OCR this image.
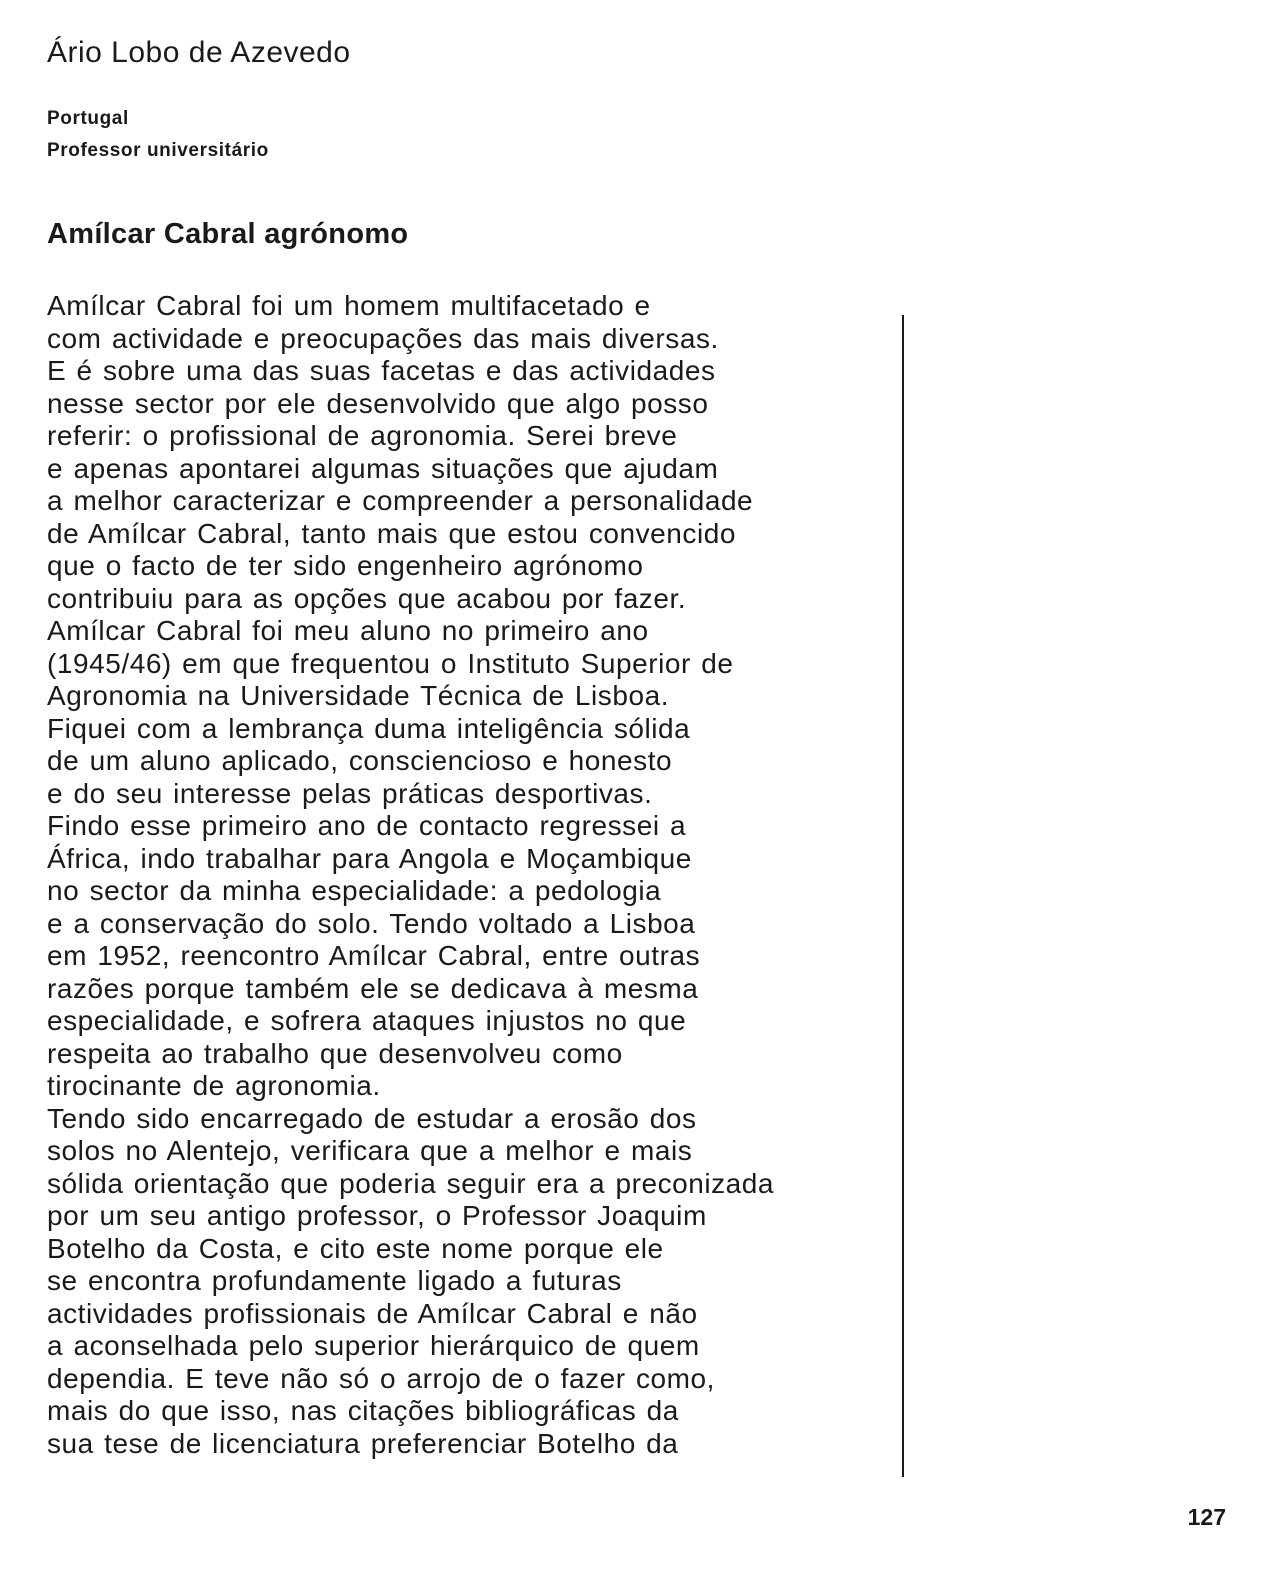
Ário Lobo de Azevedo
Portugal
Professor universitário
Amílcar Cabral agrónomo
Amílcar Cabral foi um homem multifacetado e
com actividade e preocupações das mais diversas.
E é sobre uma das suas facetas e das actividades
nesse sector por ele desenvolvido que algo posso
referir: o profissional de agronomia. Serei breve
e apenas apontarei algumas situações que ajudam
a melhor caracterizar e compreender a personalidade
de Amílcar Cabral, tanto mais que estou convencido
que o facto de ter sido engenheiro agrónomo
contribuiu para as opções que acabou por fazer.
Amílcar Cabral foi meu aluno no primeiro ano
(1945/46) em que frequentou o Instituto Superior de
Agronomia na Universidade Técnica de Lisboa.
Fiquei com a lembrança duma inteligência sólida
de um aluno aplicado, consciencioso e honesto
e do seu interesse pelas práticas desportivas.
Findo esse primeiro ano de contacto regressei a
África, indo trabalhar para Angola e Moçambique
no sector da minha especialidade: a pedologia
e a conservação do solo. Tendo voltado a Lisboa
em 1952, reencontro Amílcar Cabral, entre outras
razões porque também ele se dedicava à mesma
especialidade, e sofrera ataques injustos no que
respeita ao trabalho que desenvolveu como
tirocinante de agronomia.
Tendo sido encarregado de estudar a erosão dos
solos no Alentejo, verificara que a melhor e mais
sólida orientação que poderia seguir era a preconizada
por um seu antigo professor, o Professor Joaquim
Botelho da Costa, e cito este nome porque ele
se encontra profundamente ligado a futuras
actividades profissionais de Amílcar Cabral e não
a aconselhada pelo superior hierárquico de quem
dependia. E teve não só o arrojo de o fazer como,
mais do que isso, nas citações bibliográficas da
sua tese de licenciatura preferenciar Botelho da
127
